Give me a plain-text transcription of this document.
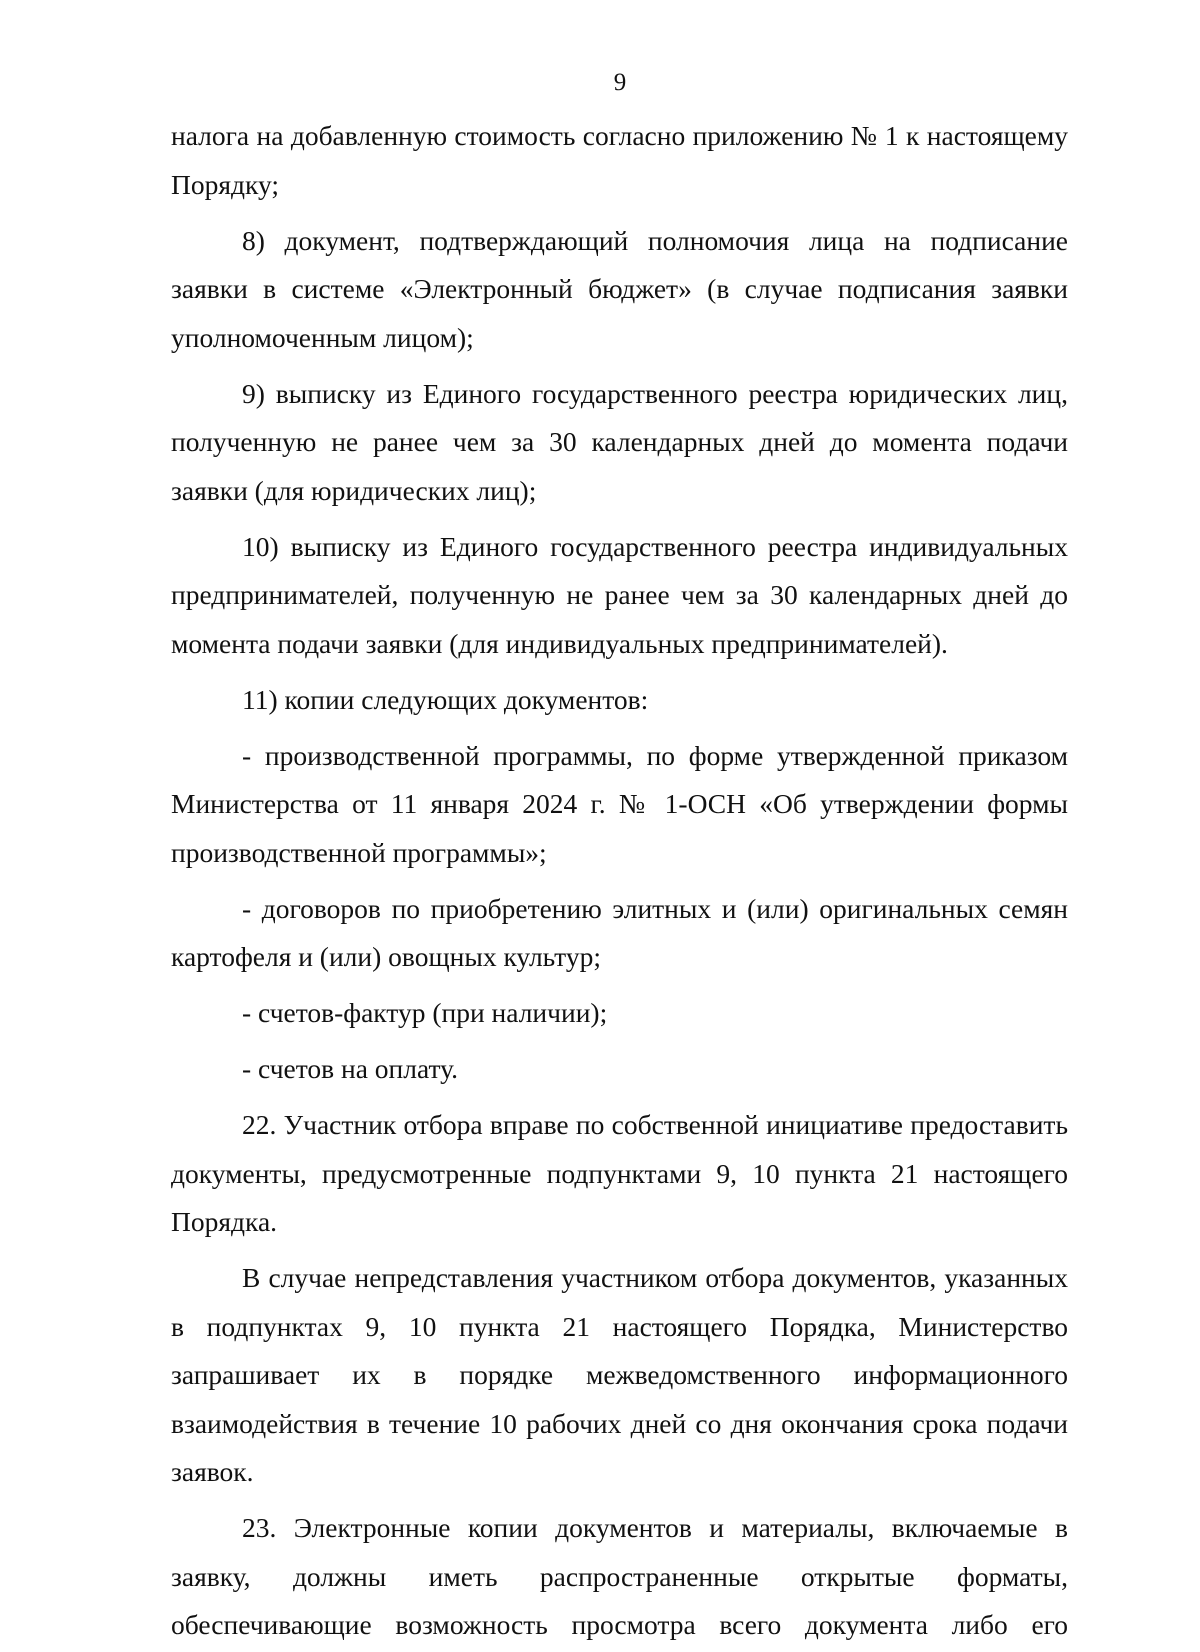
9

налога на добавленную стоимость согласно приложению № 1 к настоящему Порядку;

8) документ, подтверждающий полномочия лица на подписание заявки в системе «Электронный бюджет» (в случае подписания заявки уполномоченным лицом);

9) выписку из Единого государственного реестра юридических лиц, полученную не ранее чем за 30 календарных дней до момента подачи заявки (для юридических лиц);

10) выписку из Единого государственного реестра индивидуальных предпринимателей, полученную не ранее чем за 30 календарных дней до момента подачи заявки (для индивидуальных предпринимателей).

11) копии следующих документов:

- производственной программы, по форме утвержденной приказом Министерства от 11 января 2024 г. № 1-ОСН «Об утверждении формы производственной программы»;

- договоров по приобретению элитных и (или) оригинальных семян картофеля и (или) овощных культур;

- счетов-фактур (при наличии);

- счетов на оплату.

22. Участник отбора вправе по собственной инициативе предоставить документы, предусмотренные подпунктами 9, 10 пункта 21 настоящего Порядка.

В случае непредставления участником отбора документов, указанных в подпунктах 9, 10 пункта 21 настоящего Порядка, Министерство запрашивает их в порядке межведомственного информационного взаимодействия в течение 10 рабочих дней со дня окончания срока подачи заявок.

23. Электронные копии документов и материалы, включаемые в заявку, должны иметь распространенные открытые форматы, обеспечивающие возможность просмотра всего документа либо его
